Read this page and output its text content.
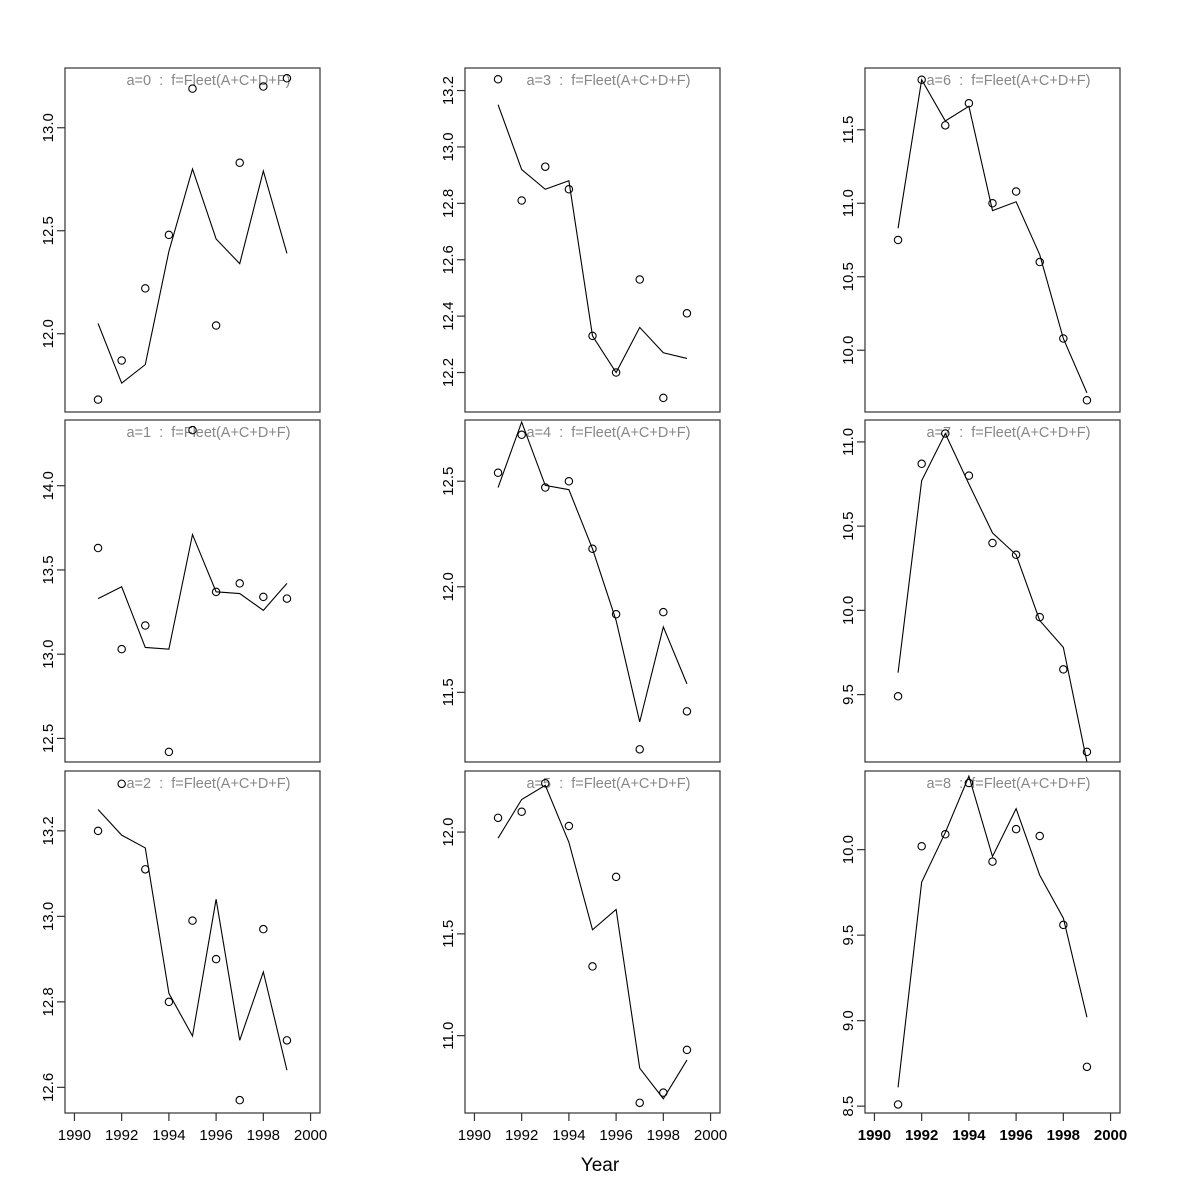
a=0  :  f=Fleet(A+C+D+F)
12.0
12.5
13.0
a=3  :  f=Fleet(A+C+D+F)
12.2
12.4
12.6
12.8
13.0
13.2	a=6  :  f=Fleet(A+C+D+F)
10.0
10.5
11.0
11.5
a=1  :  f=Fleet(A+C+D+F)
12.5
13.0
13.5
14.0
a=4  :  f=Fleet(A+C+D+F)
11.5
12.0
12.5
a=7  :  f=Fleet(A+C+D+F)
9.5
10.0
10.5
11.0
a=2  :  f=Fleet(A+C+D+F)
12.6
12.8
13.0
13.2
1990 1992 1994 1996 1998 2000
a=5  :  f=Fleet(A+C+D+F)
11.0
11.5
12.0
1990 1992 1994 1996 1998 2000
a=8  :  f=Fleet(A+C+D+F)
8.5
9.0
9.5
10.0
1990 1992 1994 1996 1998 2000
Year
